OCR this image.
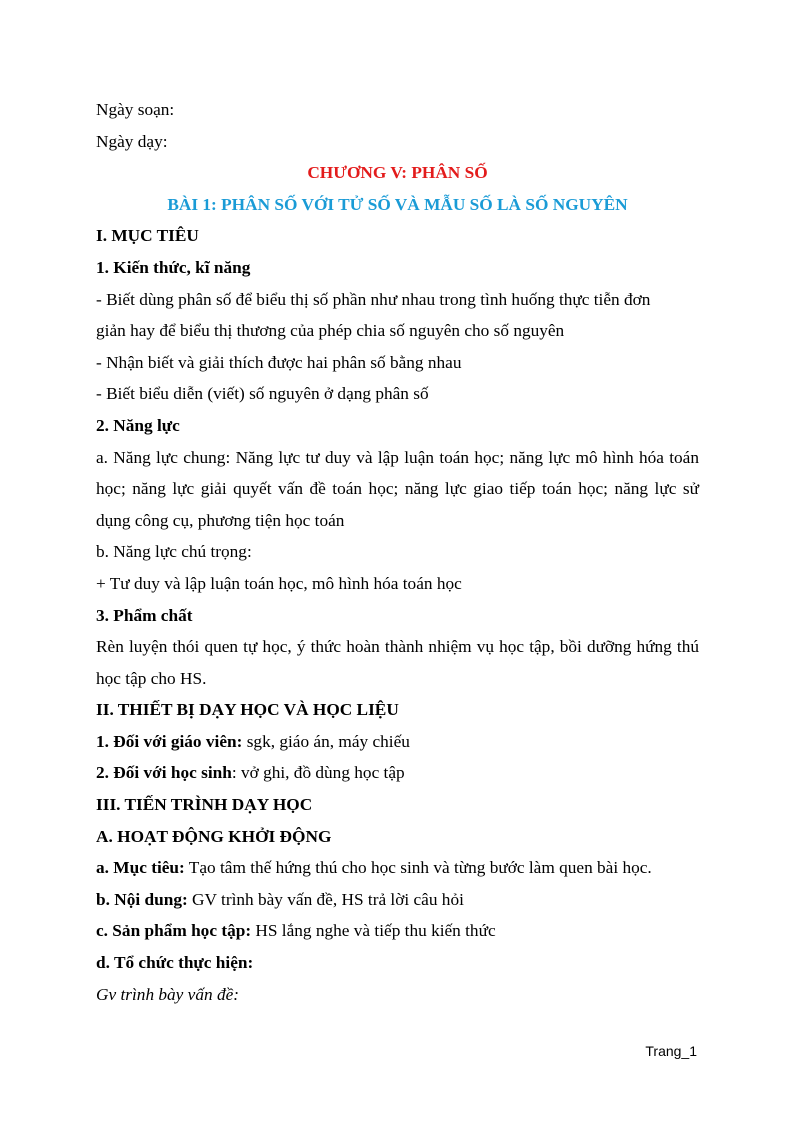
Ngày soạn:

Ngày dạy:

CHƯƠNG V: PHÂN SỐ

BÀI 1: PHÂN SỐ VỚI TỬ SỐ VÀ MẪU SỐ LÀ SỐ NGUYÊN

I. MỤC TIÊU

1. Kiến thức, kĩ năng

- Biết dùng phân số để biểu thị số phần như nhau trong tình huống thực tiễn đơn

giản hay để biểu thị thương của phép chia số nguyên cho số nguyên

- Nhận biết và giải thích được hai phân số bằng nhau

- Biết biểu diễn (viết) số nguyên ở dạng phân số

2. Năng lực

a. Năng lực chung: Năng lực tư duy và lập luận toán học; năng lực mô hình hóa toán học; năng lực giải quyết vấn đề toán học; năng lực giao tiếp toán học; năng lực sử dụng công cụ, phương tiện học toán

b. Năng lực chú trọng:

+ Tư duy và lập luận toán học, mô hình hóa toán học

3. Phẩm chất

Rèn luyện thói quen tự học, ý thức hoàn thành nhiệm vụ học tập, bồi dưỡng hứng thú học tập cho HS.

II. THIẾT BỊ DẠY HỌC VÀ HỌC LIỆU

1. Đối với giáo viên: sgk, giáo án, máy chiếu

2. Đối với học sinh: vở ghi, đồ dùng học tập

III. TIẾN TRÌNH DẠY HỌC

A. HOẠT ĐỘNG KHỞI ĐỘNG

a. Mục tiêu: Tạo tâm thế hứng thú cho học sinh và từng bước làm quen bài học.

b. Nội dung: GV trình bày vấn đề, HS trả lời câu hỏi

c. Sản phẩm học tập: HS lắng nghe và tiếp thu kiến thức

d. Tổ chức thực hiện:

Gv trình bày vấn đề:

Trang_1
